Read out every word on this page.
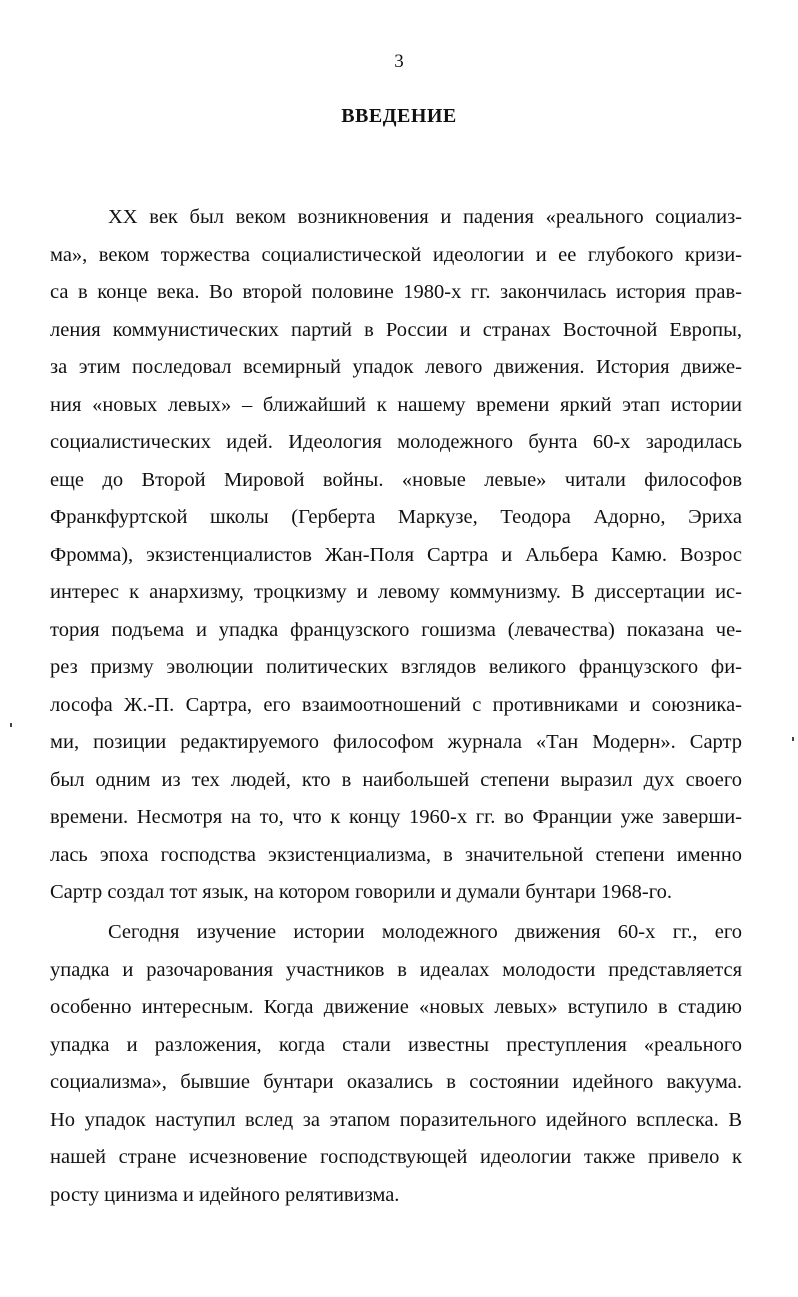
3
ВВЕДЕНИЕ
XX век был веком возникновения и падения «реального социализ-
ма», веком торжества социалистической идеологии и ее глубокого кризи-
са в конце века. Во второй половине 1980-х гг. закончилась история прав-
ления коммунистических партий в России и странах Восточной Европы,
за этим последовал всемирный упадок левого движения. История движе-
ния «новых левых» – ближайший к нашему времени яркий этап истории
социалистических идей. Идеология молодежного бунта 60-х зародилась
еще до Второй Мировой войны. «новые левые» читали философов
Франкфуртской школы (Герберта Маркузе, Теодора Адорно, Эриха
Фромма), экзистенциалистов Жан-Поля Сартра и Альбера Камю. Возрос
интерес к анархизму, троцкизму и левому коммунизму. В диссертации ис-
тория подъема и упадка французского гошизма (левачества) показана че-
рез призму эволюции политических взглядов великого французского фи-
лософа Ж.-П. Сартра, его взаимоотношений с противниками и союзника-
ми, позиции редактируемого философом журнала «Тан Модерн». Сартр
был одним из тех людей, кто в наибольшей степени выразил дух своего
времени. Несмотря на то, что к концу 1960-х гг. во Франции уже заверши-
лась эпоха господства экзистенциализма, в значительной степени именно
Сартр создал тот язык, на котором говорили и думали бунтари 1968-го.
Сегодня изучение истории молодежного движения 60-х гг., его
упадка и разочарования участников в идеалах молодости представляется
особенно интересным. Когда движение «новых левых» вступило в стадию
упадка и разложения, когда стали известны преступления «реального
социализма», бывшие бунтари оказались в состоянии идейного вакуума.
Но упадок наступил вслед за этапом поразительного идейного всплеска. В
нашей стране исчезновение господствующей идеологии также привело к
росту цинизма и идейного релятивизма.
